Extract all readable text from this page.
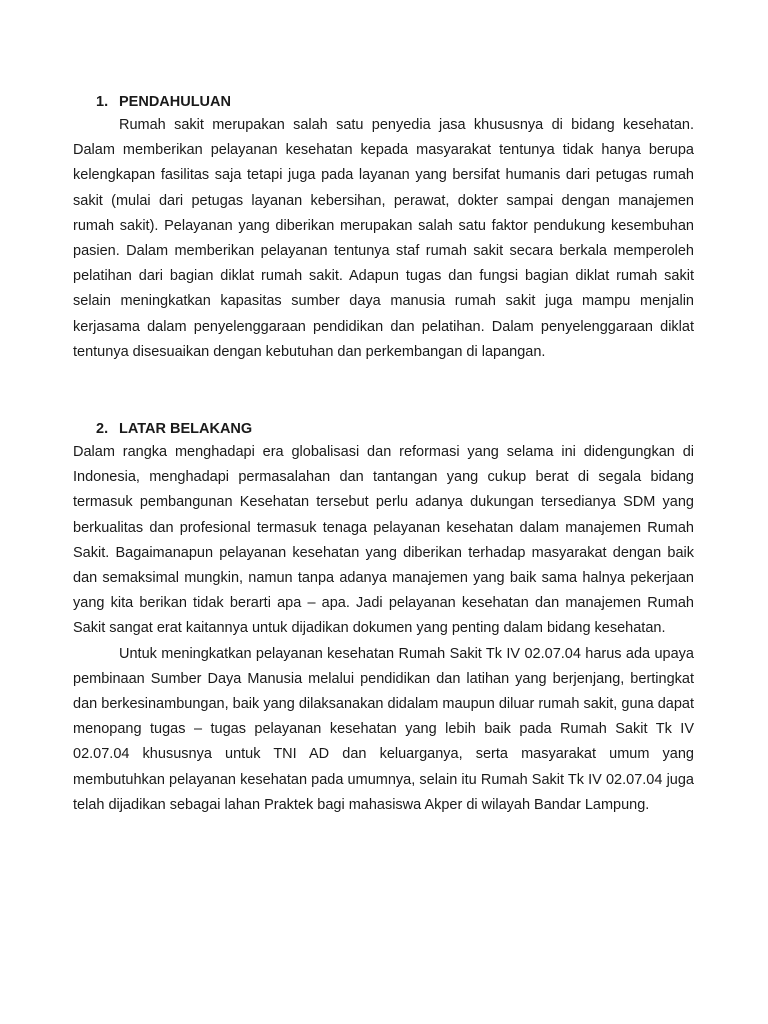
1. PENDAHULUAN

Rumah sakit merupakan salah satu penyedia jasa khususnya di bidang kesehatan. Dalam memberikan pelayanan kesehatan kepada masyarakat tentunya tidak hanya berupa kelengkapan fasilitas saja tetapi juga pada layanan yang bersifat humanis dari petugas rumah sakit (mulai dari petugas layanan kebersihan, perawat, dokter sampai dengan manajemen rumah sakit). Pelayanan yang diberikan merupakan salah satu faktor pendukung kesembuhan pasien. Dalam memberikan pelayanan tentunya staf rumah sakit secara berkala memperoleh pelatihan dari bagian diklat rumah sakit. Adapun tugas dan fungsi bagian diklat rumah sakit selain meningkatkan kapasitas sumber daya manusia rumah sakit juga mampu menjalin kerjasama dalam penyelenggaraan pendidikan dan pelatihan. Dalam penyelenggaraan diklat tentunya disesuaikan dengan kebutuhan dan perkembangan di lapangan.

2. LATAR BELAKANG

Dalam rangka menghadapi era globalisasi dan reformasi yang selama ini didengungkan di Indonesia, menghadapi permasalahan dan tantangan yang cukup berat di segala bidang termasuk pembangunan Kesehatan tersebut perlu adanya dukungan tersedianya SDM yang berkualitas dan profesional termasuk tenaga pelayanan kesehatan dalam manajemen Rumah Sakit. Bagaimanapun pelayanan kesehatan yang diberikan terhadap masyarakat dengan baik dan semaksimal mungkin, namun tanpa adanya manajemen yang baik sama halnya pekerjaan yang kita berikan tidak berarti apa – apa. Jadi pelayanan kesehatan dan manajemen Rumah Sakit sangat erat kaitannya untuk dijadikan dokumen yang penting dalam bidang kesehatan.

Untuk meningkatkan pelayanan kesehatan Rumah Sakit Tk IV 02.07.04 harus ada upaya pembinaan Sumber Daya Manusia melalui pendidikan dan latihan yang berjenjang, bertingkat dan berkesinambungan, baik yang dilaksanakan didalam maupun diluar rumah sakit, guna dapat menopang tugas – tugas pelayanan kesehatan yang lebih baik pada Rumah Sakit Tk IV 02.07.04 khususnya untuk TNI AD dan keluarganya, serta masyarakat umum yang membutuhkan pelayanan kesehatan pada umumnya, selain itu Rumah Sakit Tk IV 02.07.04 juga telah dijadikan sebagai lahan Praktek bagi mahasiswa Akper di wilayah Bandar Lampung.
